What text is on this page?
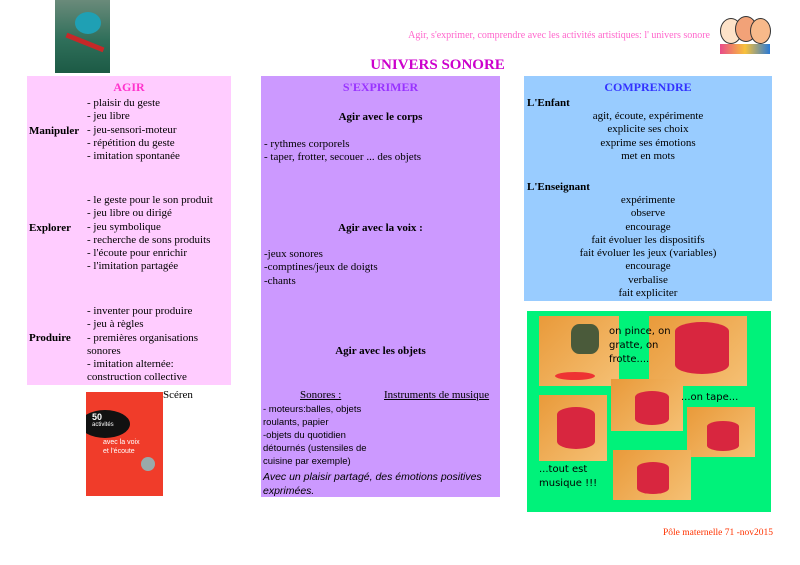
Agir, s'exprimer, comprendre avec les activités artistiques: l' univers sonore
UNIVERS SONORE
AGIR
Manipuler
- plaisir du geste
- jeu libre
- jeu-sensori-moteur
- répétition du geste
- imitation spontanée
Explorer
- le geste pour le son produit
- jeu libre ou dirigé
- jeu symbolique
- recherche de sons produits
- l'écoute pour enrichir
- l'imitation partagée
Produire
- inventer pour produire
- jeu à règles
- premières organisations sonores
- imitation alternée: construction collective
50
activités
avec la voix
et l'écoute
Scéren
S'EXPRIMER
Agir avec le corps
- rythmes corporels
- taper, frotter, secouer ... des objets
Agir avec la voix :
-jeux sonores
-comptines/jeux de doigts
-chants
Agir avec les objets
Sonores :	Instruments de musique
- moteurs:balles, objets roulants, papier
-objets du quotidien détournés (ustensiles de cuisine par exemple)
Avec un plaisir partagé, des émotions positives exprimées.
COMPRENDRE
L'Enfant
agit, écoute, expérimente
explicite ses choix
exprime ses émotions
met en mots
L'Enseignant
expérimente
observe
encourage
fait évoluer les dispositifs
fait évoluer les jeux (variables)
encourage
verbalise
fait expliciter
on pince, on gratte, on frotte....
...on tape...
...tout est musique !!!
Pôle maternelle 71 -nov2015
